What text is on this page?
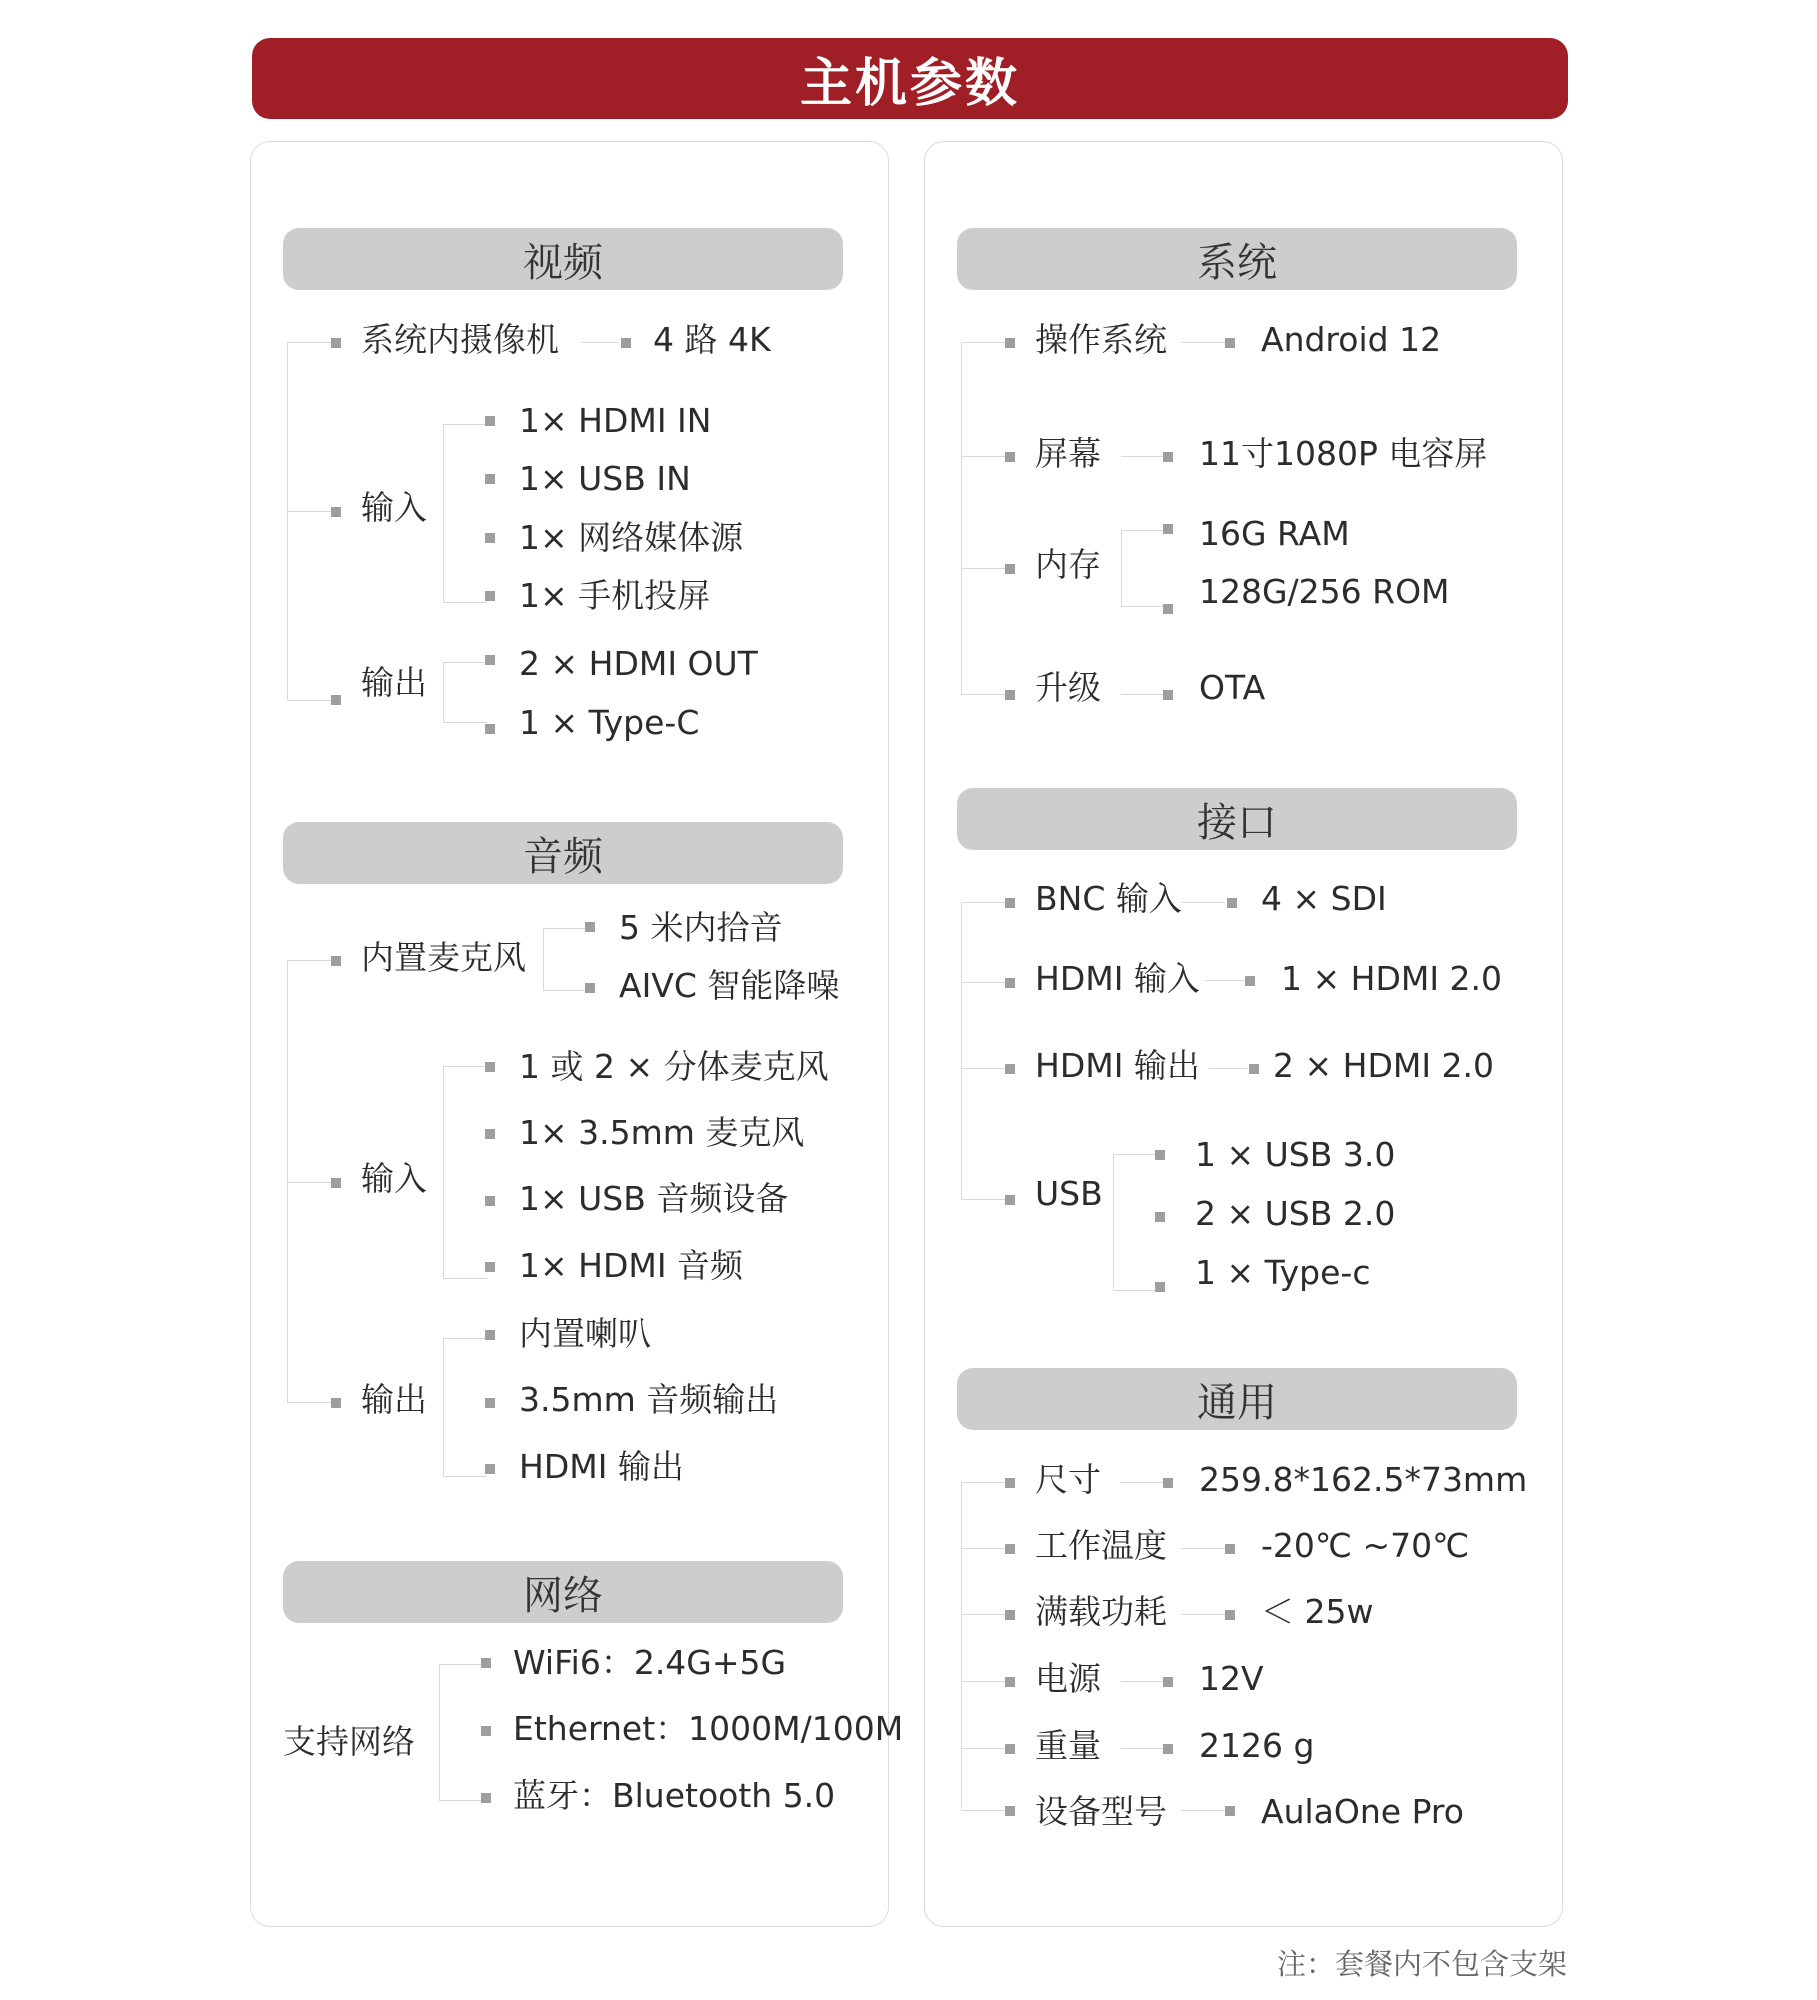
主机参数
视频
系统内摄像机	4 路 4K
输入
1× HDMI IN
1× USB IN
1× 网络媒体源
1× 手机投屏
输出	2 × HDMI OUT
1 × Type-C
音频
内置麦克风
5 米内拾音
AIVC 智能降噪
输入
1 或 2 × 分体麦克风
1× 3.5mm 麦克风
1× USB 音频设备
1× HDMI 音频
输出
内置喇叭
3.5mm 音频输出
HDMI 输出
网络
支持网络
WiFi6：2.4G+5G
Ethernet：1000M/100M
蓝牙：Bluetooth 5.0
系统
操作系统	Android 12
屏幕	11寸1080P 电容屏
内存
16G RAM
128G/256 ROM
升级	OTA
接口
BNC 输入 4 × SDI
HDMI 输入 1 × HDMI 2.0
HDMI 输出 2 × HDMI 2.0
USB
1 × USB 3.0
2 × USB 2.0
1 × Type-c
通用
尺寸	259.8*162.5*73mm
工作温度	-20℃ ~70℃
满载功耗	＜ 25w
电源	12V
重量	2126 g
设备型号	AulaOne Pro
注：套餐内不包含支架
